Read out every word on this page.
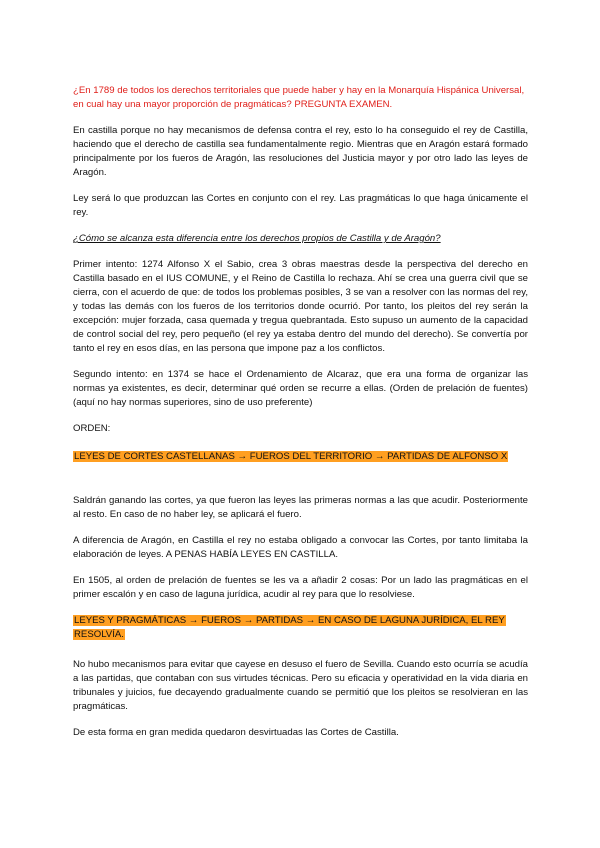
¿En 1789 de todos los derechos territoriales que puede haber y hay en la Monarquía Hispánica Universal, en cual hay una mayor proporción de pragmáticas? PREGUNTA EXAMEN.

En castilla porque no hay mecanismos de defensa contra el rey, esto lo ha conseguido el rey de Castilla, haciendo que el derecho de castilla sea fundamentalmente regio. Mientras que en Aragón estará formado principalmente por los fueros de Aragón, las resoluciones del Justicia mayor y por otro lado las leyes de Aragón.

Ley será lo que produzcan las Cortes en conjunto con el rey. Las pragmáticas lo que haga únicamente el rey.

¿Cómo se alcanza esta diferencia entre los derechos propios de Castilla y de Aragón?

Primer intento: 1274 Alfonso X el Sabio, crea 3 obras maestras desde la perspectiva del derecho en Castilla basado en el IUS COMUNE, y el Reino de Castilla lo rechaza. Ahí se crea una guerra civil que se cierra, con el acuerdo de que: de todos los problemas posibles, 3 se van a resolver con las normas del rey, y todas las demás con los fueros de los territorios donde ocurrió. Por tanto, los pleitos del rey serán la excepción: mujer forzada, casa quemada y tregua quebrantada. Esto supuso un aumento de la capacidad de control social del rey, pero pequeño (el rey ya estaba dentro del mundo del derecho). Se convertía por tanto el rey en esos días, en las persona que impone paz a los conflictos.

Segundo intento: en 1374 se hace el Ordenamiento de Alcaraz, que era una forma de organizar las normas ya existentes, es decir, determinar qué orden se recurre a ellas. (Orden de prelación de fuentes) (aquí no hay normas superiores, sino de uso preferente)

ORDEN:

LEYES DE CORTES CASTELLANAS → FUEROS DEL TERRITORIO → PARTIDAS DE ALFONSO X

Saldrán ganando las cortes, ya que fueron las leyes las primeras normas a las que acudir. Posteriormente al resto. En caso de no haber ley, se aplicará el fuero.

A diferencia de Aragón, en Castilla el rey no estaba obligado a convocar las Cortes, por tanto limitaba la elaboración de leyes. A PENAS HABÍA LEYES EN CASTILLA.

En 1505, al orden de prelación de fuentes se les va a añadir 2 cosas: Por un lado las pragmáticas en el primer escalón y en caso de laguna jurídica, acudir al rey para que lo resolviese.

LEYES Y PRAGMÁTICAS → FUEROS → PARTIDAS → EN CASO DE LAGUNA JURÍDICA, EL REY RESOLVÍA.

No hubo mecanismos para evitar que cayese en desuso el fuero de Sevilla. Cuando esto ocurría se acudía a las partidas, que contaban con sus virtudes técnicas. Pero su eficacia y operatividad en la vida diaria en tribunales y juicios, fue decayendo gradualmente cuando se permitió que los pleitos se resolvieran en las pragmáticas.

De esta forma en gran medida quedaron desvirtuadas las Cortes de Castilla.
